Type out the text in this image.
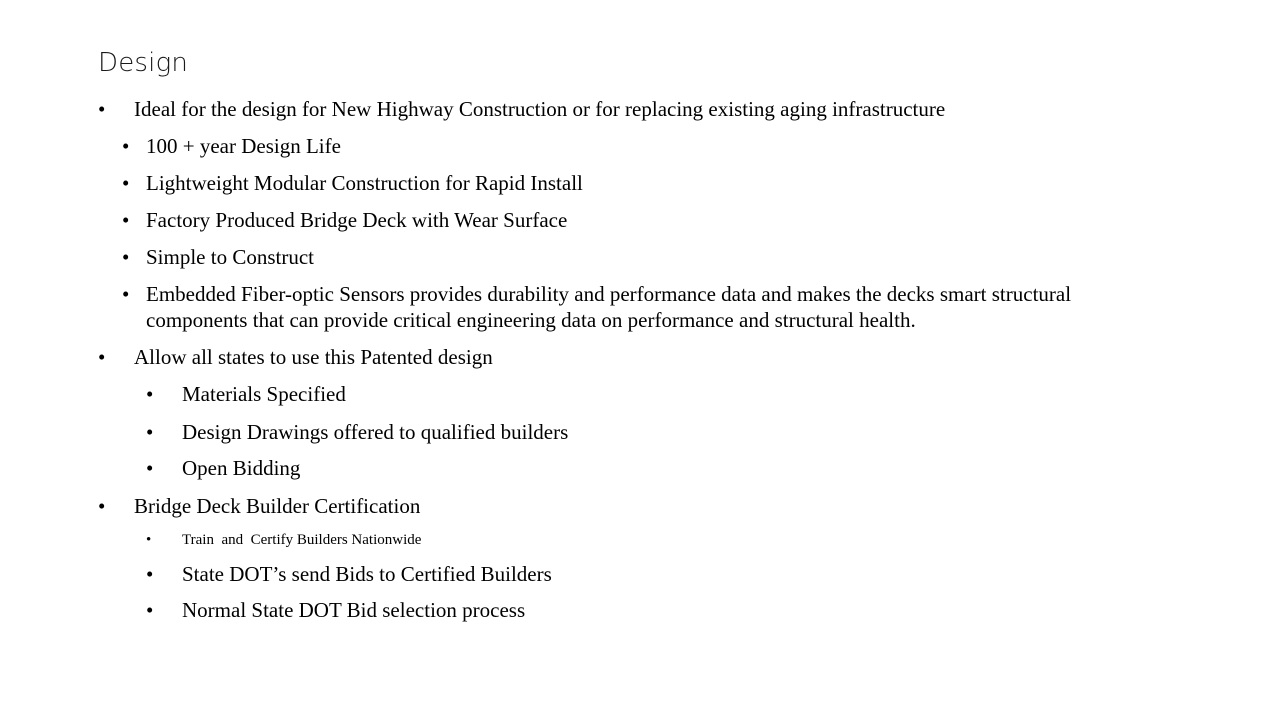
Design
• Ideal for the design for New Highway Construction or for replacing existing aging infrastructure
• 100 + year Design Life
• Lightweight Modular Construction for Rapid Install
• Factory Produced Bridge Deck with Wear Surface
• Simple to Construct
• Embedded Fiber-optic Sensors provides durability and performance data and makes the decks smart structural components that can provide critical engineering data on performance and structural health.
• Allow all states to use this Patented design
• Materials Specified
• Design Drawings offered to qualified builders
• Open Bidding
• Bridge Deck Builder Certification
• Train  and  Certify Builders Nationwide
• State DOT’s send Bids to Certified Builders
• Normal State DOT Bid selection process
